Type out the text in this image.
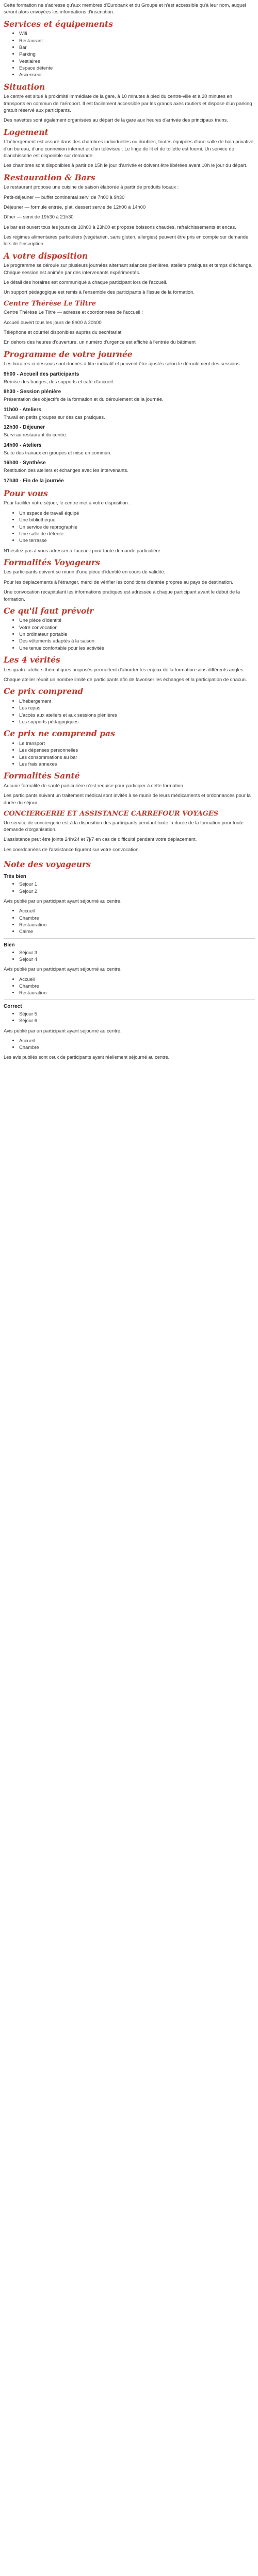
Cette formation ne s'adresse qu'aux membres d'Eurobank et du Groupe et n'est accessible qu'à leur nom, auquel seront alors envoyées les informations d'inscription.

Services et équipements
• Wifi
• Restaurant
• Bar
• Parking
• Vestiaires
• Espace détente
• Ascenseur
Situation

Le centre est situé à proximité immédiate de la gare, à 10 minutes à pied du centre-ville et à 20 minutes en transports en commun de l'aéroport. Il est facilement accessible par les grands axes routiers et dispose d'un parking gratuit réservé aux participants.

Des navettes sont également organisées au départ de la gare aux heures d'arrivée des principaux trains.

Logement

L'hébergement est assuré dans des chambres individuelles ou doubles, toutes équipées d'une salle de bain privative, d'un bureau, d'une connexion internet et d'un téléviseur. Le linge de lit et de toilette est fourni. Un service de blanchisserie est disponible sur demande.

Les chambres sont disponibles à partir de 15h le jour d'arrivée et doivent être libérées avant 10h le jour du départ.

Restauration & Bars

Le restaurant propose une cuisine de saison élaborée à partir de produits locaux :

Petit-déjeuner — buffet continental servi de 7h00 à 9h30

Déjeuner — formule entrée, plat, dessert servie de 12h00 à 14h00

Dîner — servi de 19h30 à 21h30

Le bar est ouvert tous les jours de 10h00 à 23h00 et propose boissons chaudes, rafraîchissements et encas.

Les régimes alimentaires particuliers (végétarien, sans gluten, allergies) peuvent être pris en compte sur demande lors de l'inscription.

A votre disposition

Le programme se déroule sur plusieurs journées alternant séances plénières, ateliers pratiques et temps d'échange. Chaque session est animée par des intervenants expérimentés.

Le détail des horaires est communiqué à chaque participant lors de l'accueil.

Un support pédagogique est remis à l'ensemble des participants à l'issue de la formation.

Centre Thérèse Le Tiltre

Centre Thérèse Le Tiltre — adresse et coordonnées de l'accueil :

Accueil ouvert tous les jours de 8h00 à 20h00

Téléphone et courriel disponibles auprès du secrétariat

En dehors des heures d'ouverture, un numéro d'urgence est affiché à l'entrée du bâtiment

Programme de votre journée

Les horaires ci-dessous sont donnés à titre indicatif et peuvent être ajustés selon le déroulement des sessions.

9h00 - Accueil des participants
Remise des badges, des supports et café d'accueil.

9h30 - Session plénière
Présentation des objectifs de la formation et du déroulement de la journée.

11h00 - Ateliers
Travail en petits groupes sur des cas pratiques.

12h30 - Déjeuner
Servi au restaurant du centre.

14h00 - Ateliers
Suite des travaux en groupes et mise en commun.

16h00 - Synthèse
Restitution des ateliers et échanges avec les intervenants.

17h30 - Fin de la journée

Pour vous

Pour faciliter votre séjour, le centre met à votre disposition :

• Un espace de travail équipé
• Une bibliothèque
• Un service de reprographie
• Une salle de détente
• Une terrasse

N'hésitez pas à vous adresser à l'accueil pour toute demande particulière.

Formalités Voyageurs

Les participants doivent se munir d'une pièce d'identité en cours de validité.

Pour les déplacements à l'étranger, merci de vérifier les conditions d'entrée propres au pays de destination.

Une convocation récapitulant les informations pratiques est adressée à chaque participant avant le début de la formation.

Ce qu'il faut prévoir
• Une pièce d'identité
• Votre convocation
• Un ordinateur portable
• Des vêtements adaptés à la saison
• Une tenue confortable pour les activités
Les 4 vérités

Les quatre ateliers thématiques proposés permettent d'aborder les enjeux de la formation sous différents angles.

Chaque atelier réunit un nombre limité de participants afin de favoriser les échanges et la participation de chacun.

Ce prix comprend
• L'hébergement
• Les repas
• L'accès aux ateliers et aux sessions plénières
• Les supports pédagogiques
Ce prix ne comprend pas
• Le transport
• Les dépenses personnelles
• Les consommations au bar
• Les frais annexes
Formalités Santé

Aucune formalité de santé particulière n'est requise pour participer à cette formation.

Les participants suivant un traitement médical sont invités à se munir de leurs médicaments et ordonnances pour la durée du séjour.

CONCIERGERIE ET ASSISTANCE CARREFOUR VOYAGES

Un service de conciergerie est à la disposition des participants pendant toute la durée de la formation pour toute demande d'organisation.

L'assistance peut être jointe 24h/24 et 7j/7 en cas de difficulté pendant votre déplacement.

Les coordonnées de l'assistance figurent sur votre convocation.

Note des voyageurs
Très bien
• Séjour 1
• Séjour 2

Avis publié par un participant ayant séjourné au centre.

• Accueil
• Chambre
• Restauration
• Calme
Bien
• Séjour 3
• Séjour 4

Avis publié par un participant ayant séjourné au centre.

• Accueil
• Chambre
• Restauration
Correct
• Séjour 5
• Séjour 6

Avis publié par un participant ayant séjourné au centre.

• Accueil
• Chambre

Les avis publiés sont ceux de participants ayant réellement séjourné au centre.
